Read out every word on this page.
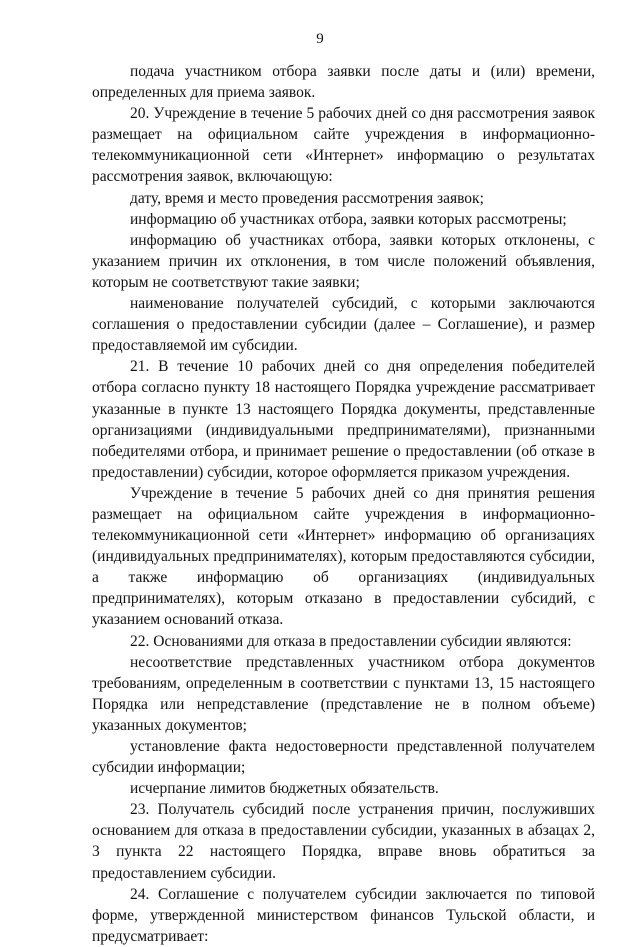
9

подача участником отбора заявки после даты и (или) времени, определенных для приема заявок.

20. Учреждение в течение 5 рабочих дней со дня рассмотрения заявок размещает на официальном сайте учреждения в информационно-телекоммуникационной сети «Интернет» информацию о результатах рассмотрения заявок, включающую:

дату, время и место проведения рассмотрения заявок;

информацию об участниках отбора, заявки которых рассмотрены;

информацию об участниках отбора, заявки которых отклонены, с указанием причин их отклонения, в том числе положений объявления, которым не соответствуют такие заявки;

наименование получателей субсидий, с которыми заключаются соглашения о предоставлении субсидии (далее – Соглашение), и размер предоставляемой им субсидии.

21. В течение 10 рабочих дней со дня определения победителей отбора согласно пункту 18 настоящего Порядка учреждение рассматривает указанные в пункте 13 настоящего Порядка документы, представленные организациями (индивидуальными предпринимателями), признанными победителями отбора, и принимает решение о предоставлении (об отказе в предоставлении) субсидии, которое оформляется приказом учреждения.

Учреждение в течение 5 рабочих дней со дня принятия решения размещает на официальном сайте учреждения в информационно-телекоммуникационной сети «Интернет» информацию об организациях (индивидуальных предпринимателях), которым предоставляются субсидии, а также информацию об организациях (индивидуальных предпринимателях), которым отказано в предоставлении субсидий, с указанием оснований отказа.

22. Основаниями для отказа в предоставлении субсидии являются:

несоответствие представленных участником отбора документов требованиям, определенным в соответствии с пунктами 13, 15 настоящего Порядка или непредставление (представление не в полном объеме) указанных документов;

установление факта недостоверности представленной получателем субсидии информации;

исчерпание лимитов бюджетных обязательств.

23. Получатель субсидий после устранения причин, послуживших основанием для отказа в предоставлении субсидии, указанных в абзацах 2, 3 пункта 22 настоящего Порядка, вправе вновь обратиться за предоставлением субсидии.

24. Соглашение с получателем субсидии заключается по типовой форме, утвержденной министерством финансов Тульской области, и предусматривает:
